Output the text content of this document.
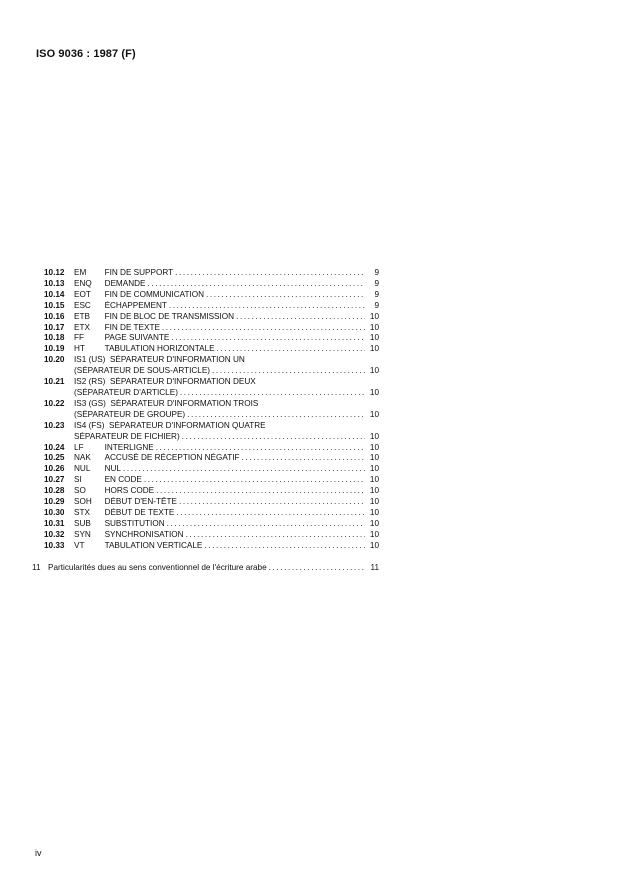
ISO 9036 : 1987 (F)
10.12	EM FIN DE SUPPORT .....	9
10.13	ENQ DEMANDE .....	9
10.14	EOT FIN DE COMMUNICATION .....	9
10.15	ESC ÉCHAPPEMENT .....	9
10.16	ETB FIN DE BLOC DE TRANSMISSION .....	10
10.17	ETX FIN DE TEXTE .....	10
10.18	FF	PAGE SUIVANTE .....	10
10.19	HT TABULATION HORIZONTALE .....	10
10.20	IS1 (US) SÉPARATEUR D'INFORMATION UN
(SÉPARATEUR DE SOUS-ARTICLE) .....	10
10.21	IS2 (RS) SÉPARATEUR D'INFORMATION DEUX
(SÉPARATEUR D'ARTICLE) .....	10
10.22	IS3 (GS) SÉPARATEUR D'INFORMATION TROIS
(SÉPARATEUR DE GROUPE) .....	10
10.23	IS4 (FS) SÉPARATEUR D'INFORMATION QUATRE
SÉPARATEUR DE FICHIER) .....	10
10.24	LF	INTERLIGNE .....	10
10.25	NAK ACCUSÉ DE RÉCEPTION NÉGATIF .....	10
10.26	NUL NUL .....	10
10.27	SI	EN CODE .....	10
10.28	SO HORS CODE .....	10
10.29	SOH DÉBUT D'EN-TÊTE .....	10
10.30	STX DÉBUT DE TEXTE .....	10
10.31	SUB SUBSTITUTION .....	10
10.32	SYN SYNCHRONISATION .....	10
10.33	VT TABULATION VERTICALE .....	10
11 Particularités dues au sens conventionnel de l'écriture arabe .....	11
iv
